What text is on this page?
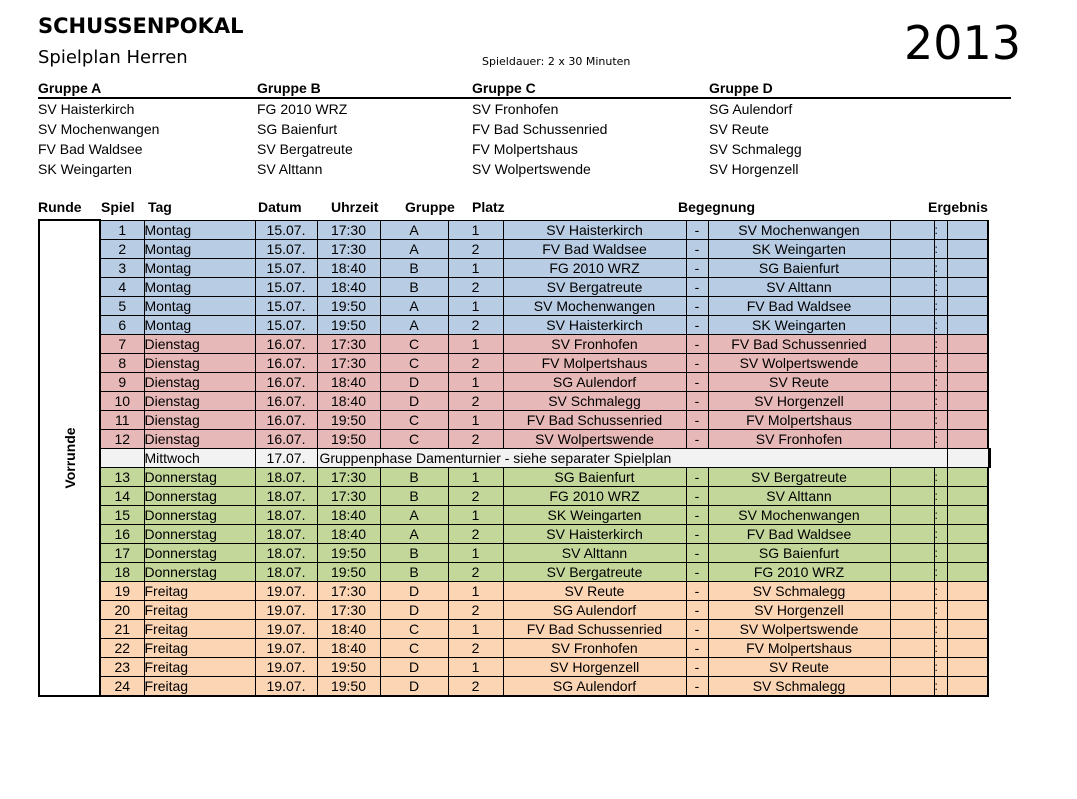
SCHUSSENPOKAL
Spielplan Herren	Spieldauer: 2 x 30 Minuten	2013
Gruppe A
SV Haisterkirch
SV Mochenwangen
FV Bad Waldsee
SK Weingarten
Gruppe B
FG 2010 WRZ
SG Baienfurt
SV Bergatreute
SV Alttann
Gruppe C
SV Fronhofen
FV Bad Schussenried
FV Molpertshaus
SV Wolpertswende
Gruppe D
SG Aulendorf
SV Reute
SV Schmalegg
SV Horgenzell
Runde Spiel Tag	Datum Uhrzeit Gruppe Platz	Begegnung	Ergebnis
Vorrunde	1	Montag	15.07.	17:30	A	1	SV Haisterkirch	-	SV Mochenwangen		:		
	2	Montag	15.07.	17:30	A	2	FV Bad Waldsee	-	SK Weingarten		:		
	3	Montag	15.07.	18:40	B	1	FG 2010 WRZ	-	SG Baienfurt		:		
	4	Montag	15.07.	18:40	B	2	SV Bergatreute	-	SV Alttann		:		
	5	Montag	15.07.	19:50	A	1	SV Mochenwangen	-	FV Bad Waldsee		:		
	6	Montag	15.07.	19:50	A	2	SV Haisterkirch	-	SK Weingarten		:		
	7	Dienstag	16.07.	17:30	C	1	SV Fronhofen	-	FV Bad Schussenried		:		
	8	Dienstag	16.07.	17:30	C	2	FV Molpertshaus	-	SV Wolpertswende		:		
	9	Dienstag	16.07.	18:40	D	1	SG Aulendorf	-	SV Reute		:		
	10	Dienstag	16.07.	18:40	D	2	SV Schmalegg	-	SV Horgenzell		:		
	11	Dienstag	16.07.	19:50	C	1	FV Bad Schussenried	-	FV Molpertshaus		:		
	12	Dienstag	16.07.	19:50	C	2	SV Wolpertswende	-	SV Fronhofen		:		
		Mittwoch	17.07.	Gruppenphase Damenturnier - siehe separater Spielplan									
	13	Donnerstag	18.07.	17:30	B	1	SG Baienfurt	-	SV Bergatreute		:		
	14	Donnerstag	18.07.	17:30	B	2	FG 2010 WRZ	-	SV Alttann		:		
	15	Donnerstag	18.07.	18:40	A	1	SK Weingarten	-	SV Mochenwangen		:		
	16	Donnerstag	18.07.	18:40	A	2	SV Haisterkirch	-	FV Bad Waldsee		:		
	17	Donnerstag	18.07.	19:50	B	1	SV Alttann	-	SG Baienfurt		:		
	18	Donnerstag	18.07.	19:50	B	2	SV Bergatreute	-	FG 2010 WRZ		:		
	19	Freitag	19.07.	17:30	D	1	SV Reute	-	SV Schmalegg		:		
	20	Freitag	19.07.	17:30	D	2	SG Aulendorf	-	SV Horgenzell		:		
	21	Freitag	19.07.	18:40	C	1	FV Bad Schussenried	-	SV Wolpertswende		:		
	22	Freitag	19.07.	18:40	C	2	SV Fronhofen	-	FV Molpertshaus		:		
	23	Freitag	19.07.	19:50	D	1	SV Horgenzell	-	SV Reute		:		
	24	Freitag	19.07.	19:50	D	2	SG Aulendorf	-	SV Schmalegg		:		
